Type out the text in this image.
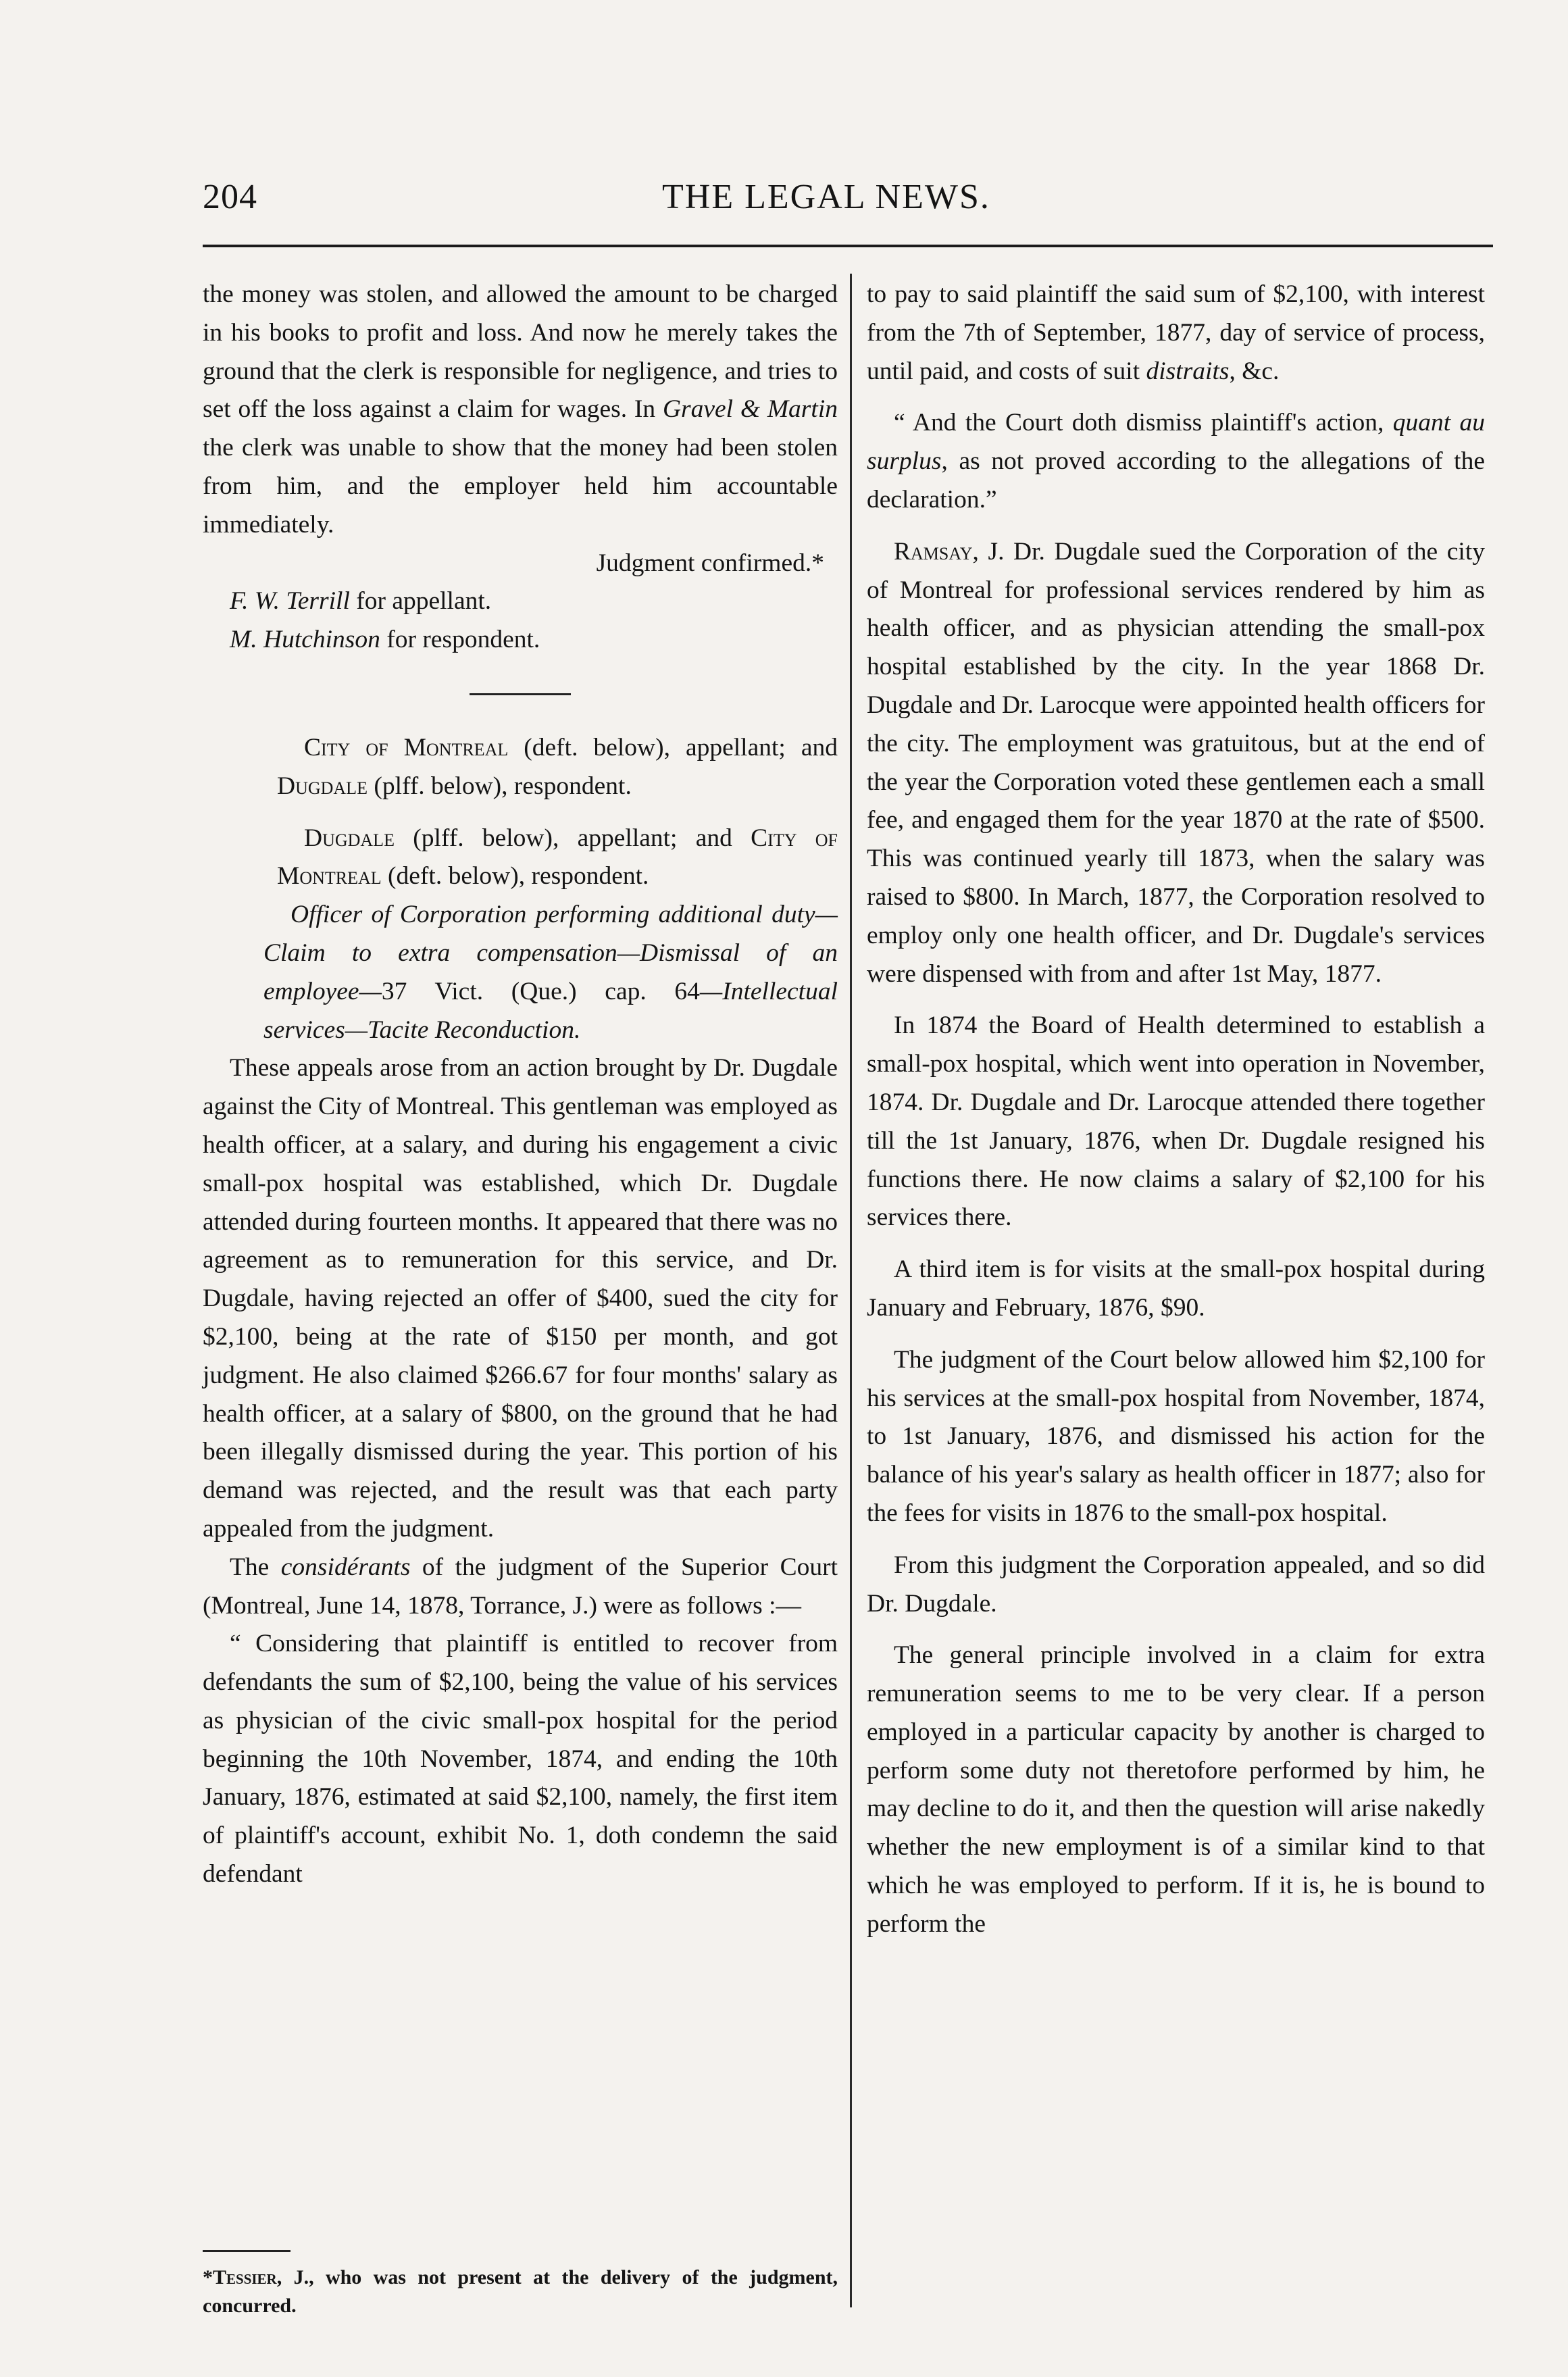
204	THE LEGAL NEWS.

the money was stolen, and allowed the amount to be charged in his books to profit and loss. And now he merely takes the ground that the clerk is responsible for negligence, and tries to set off the loss against a claim for wages. In Gravel & Martin the clerk was unable to show that the money had been stolen from him, and the employer held him accountable immediately.

Judgment confirmed.*

F. W. Terrill for appellant.

M. Hutchinson for respondent.

City of Montreal (deft. below), appellant; and Dugdale (plff. below), respondent.

Dugdale (plff. below), appellant; and City of Montreal (deft. below), respondent.

Officer of Corporation performing additional duty—Claim to extra compensation—Dismissal of an employee—37 Vict. (Que.) cap. 64—Intellectual services—Tacite Reconduction.

These appeals arose from an action brought by Dr. Dugdale against the City of Montreal. This gentleman was employed as health officer, at a salary, and during his engagement a civic small-pox hospital was established, which Dr. Dugdale attended during fourteen months. It appeared that there was no agreement as to remuneration for this service, and Dr. Dugdale, having rejected an offer of $400, sued the city for $2,100, being at the rate of $150 per month, and got judgment. He also claimed $266.67 for four months' salary as health officer, at a salary of $800, on the ground that he had been illegally dismissed during the year. This portion of his demand was rejected, and the result was that each party appealed from the judgment.

The considérants of the judgment of the Superior Court (Montreal, June 14, 1878, Torrance, J.) were as follows :—

“ Considering that plaintiff is entitled to recover from defendants the sum of $2,100, being the value of his services as physician of the civic small-pox hospital for the period beginning the 10th November, 1874, and ending the 10th January, 1876, estimated at said $2,100, namely, the first item of plaintiff's account, exhibit No. 1, doth condemn the said defendant

*Tessier, J., who was not present at the delivery of the judgment, concurred.

to pay to said plaintiff the said sum of $2,100, with interest from the 7th of September, 1877, day of service of process, until paid, and costs of suit distraits, &c.

“ And the Court doth dismiss plaintiff's action, quant au surplus, as not proved according to the allegations of the declaration.”

Ramsay, J. Dr. Dugdale sued the Corporation of the city of Montreal for professional services rendered by him as health officer, and as physician attending the small-pox hospital established by the city. In the year 1868 Dr. Dugdale and Dr. Larocque were appointed health officers for the city. The employment was gratuitous, but at the end of the year the Corporation voted these gentlemen each a small fee, and engaged them for the year 1870 at the rate of $500. This was continued yearly till 1873, when the salary was raised to $800. In March, 1877, the Corporation resolved to employ only one health officer, and Dr. Dugdale's services were dispensed with from and after 1st May, 1877.

In 1874 the Board of Health determined to establish a small-pox hospital, which went into operation in November, 1874. Dr. Dugdale and Dr. Larocque attended there together till the 1st January, 1876, when Dr. Dugdale resigned his functions there. He now claims a salary of $2,100 for his services there.

A third item is for visits at the small-pox hospital during January and February, 1876, $90.

The judgment of the Court below allowed him $2,100 for his services at the small-pox hospital from November, 1874, to 1st January, 1876, and dismissed his action for the balance of his year's salary as health officer in 1877; also for the fees for visits in 1876 to the small-pox hospital.

From this judgment the Corporation appealed, and so did Dr. Dugdale.

The general principle involved in a claim for extra remuneration seems to me to be very clear. If a person employed in a particular capacity by another is charged to perform some duty not theretofore performed by him, he may decline to do it, and then the question will arise nakedly whether the new employment is of a similar kind to that which he was employed to perform. If it is, he is bound to perform the
